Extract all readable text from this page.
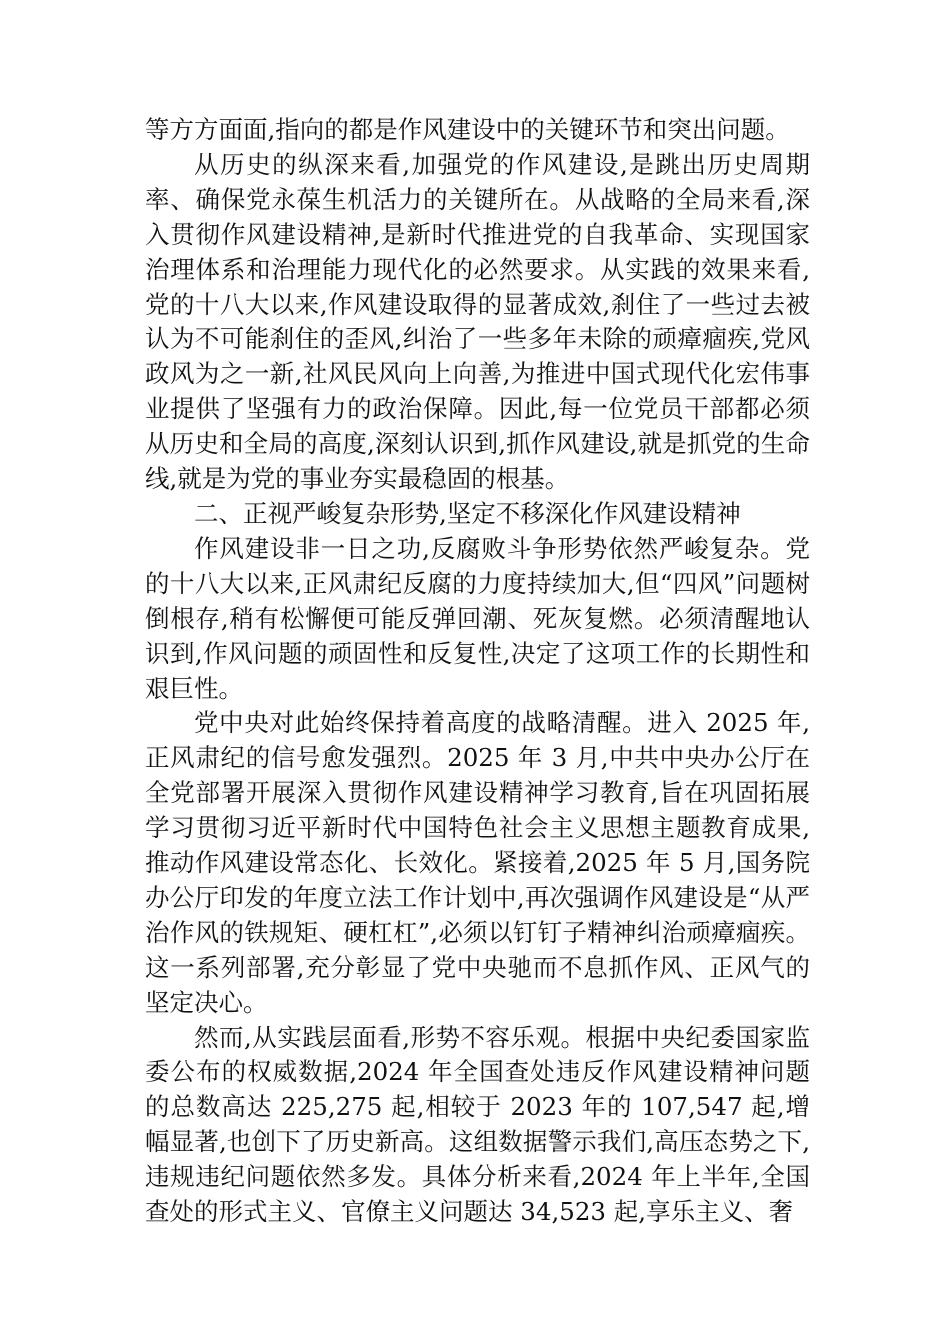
等方方面面,指向的都是作风建设中的关键环节和突出问题。

从历史的纵深来看,加强党的作风建设,是跳出历史周期率、确保党永葆生机活力的关键所在。从战略的全局来看,深入贯彻作风建设精神,是新时代推进党的自我革命、实现国家治理体系和治理能力现代化的必然要求。从实践的效果来看,党的十八大以来,作风建设取得的显著成效,刹住了一些过去被认为不可能刹住的歪风,纠治了一些多年未除的顽瘴痼疾,党风政风为之一新,社风民风向上向善,为推进中国式现代化宏伟事业提供了坚强有力的政治保障。因此,每一位党员干部都必须从历史和全局的高度,深刻认识到,抓作风建设,就是抓党的生命线,就是为党的事业夯实最稳固的根基。

二、正视严峻复杂形势,坚定不移深化作风建设精神

作风建设非一日之功,反腐败斗争形势依然严峻复杂。党的十八大以来,正风肃纪反腐的力度持续加大,但“四风”问题树倒根存,稍有松懈便可能反弹回潮、死灰复燃。必须清醒地认识到,作风问题的顽固性和反复性,决定了这项工作的长期性和艰巨性。

党中央对此始终保持着高度的战略清醒。进入 2025 年,正风肃纪的信号愈发强烈。2025 年 3 月,中共中央办公厅在全党部署开展深入贯彻作风建设精神学习教育,旨在巩固拓展学习贯彻习近平新时代中国特色社会主义思想主题教育成果,推动作风建设常态化、长效化。紧接着,2025 年 5 月,国务院办公厅印发的年度立法工作计划中,再次强调作风建设是“从严治作风的铁规矩、硬杠杠”,必须以钉钉子精神纠治顽瘴痼疾。这一系列部署,充分彰显了党中央驰而不息抓作风、正风气的坚定决心。

然而,从实践层面看,形势不容乐观。根据中央纪委国家监委公布的权威数据,2024 年全国查处违反作风建设精神问题的总数高达 225,275 起,相较于 2023 年的 107,547 起,增幅显著,也创下了历史新高。这组数据警示我们,高压态势之下,违规违纪问题依然多发。具体分析来看,2024 年上半年,全国查处的形式主义、官僚主义问题达 34,523 起,享乐主义、奢
